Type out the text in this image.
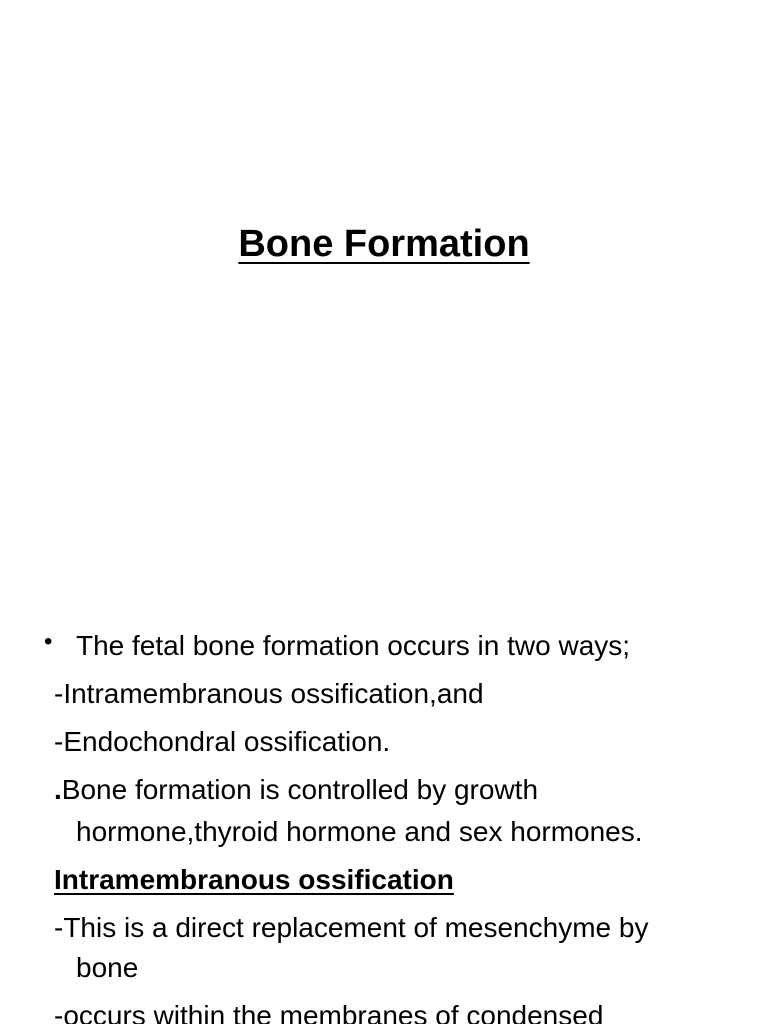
Bone Formation
• The fetal bone formation occurs in two ways;
-Intramembranous ossification,and
-Endochondral ossification.
.Bone formation is controlled by growth
hormone,thyroid hormone and sex hormones.
Intramembranous ossification
-This is a direct replacement of mesenchyme by
bone
-occurs within the membranes of condensed
